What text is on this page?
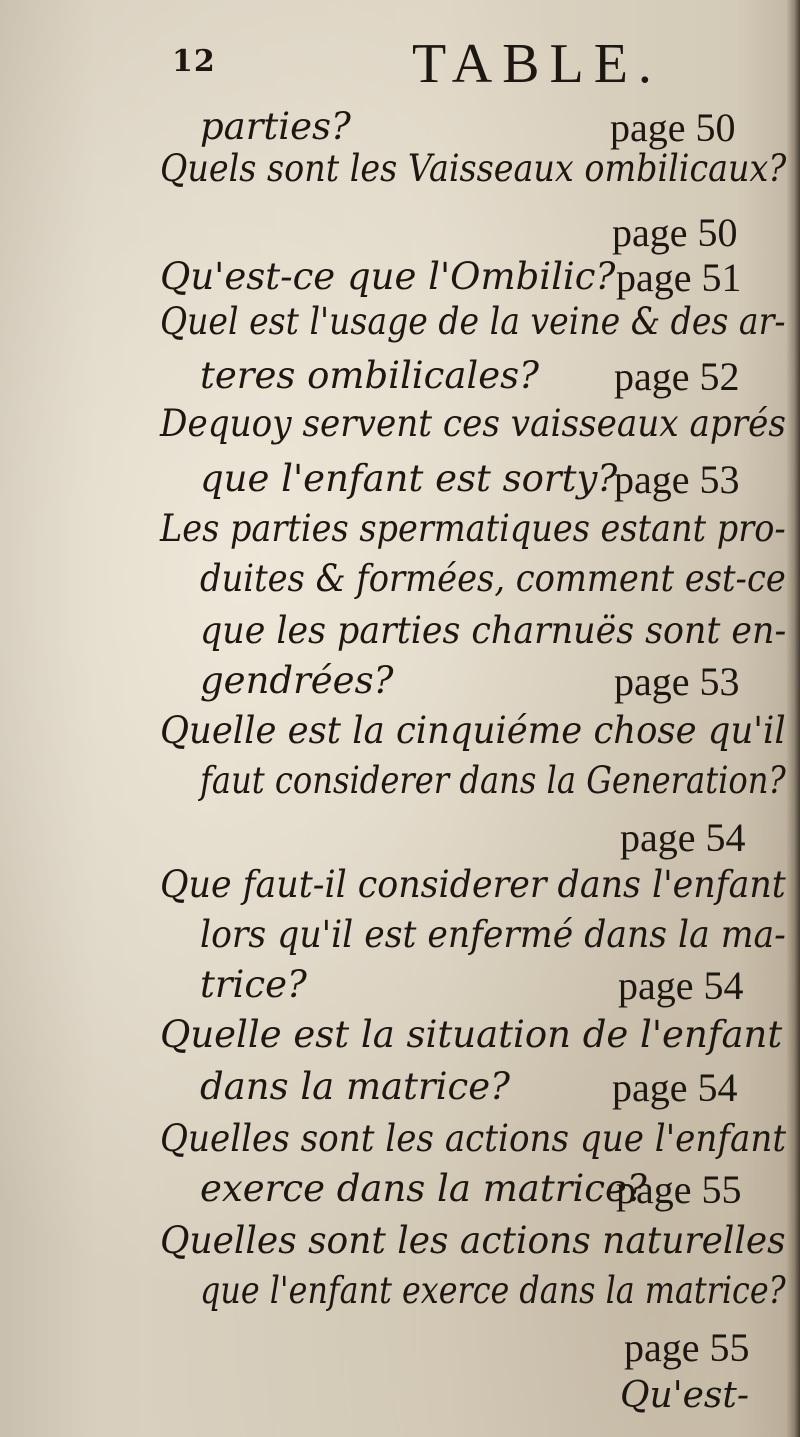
12	TABLE.
parties?	page 50
Quels sont les Vaisseaux ombilicaux?
page 50
Qu'est-ce que l'Ombilic? page 51
Quel est l'usage de la veine & des ar-
teres ombilicales? page 52
Dequoy servent ces vaisseaux aprés
que l'enfant est sorty?
page 53
Les parties spermatiques estant pro-
duites & formées, comment est-ce
que les parties charnuës sont en-
gendrées?	page 53
Quelle est la cinquiéme chose qu'il
faut considerer dans la Generation?
page 54
Que faut-il considerer dans l'enfant
lors qu'il est enfermé dans la ma-
trice?	page 54
Quelle est la situation de l'enfant
dans la matrice?	page 54
Quelles sont les actions que l'enfant
exerce dans la matrice?
page 55
Quelles sont les actions naturelles
que l'enfant exerce dans la matrice?
page 55
Qu'est-
